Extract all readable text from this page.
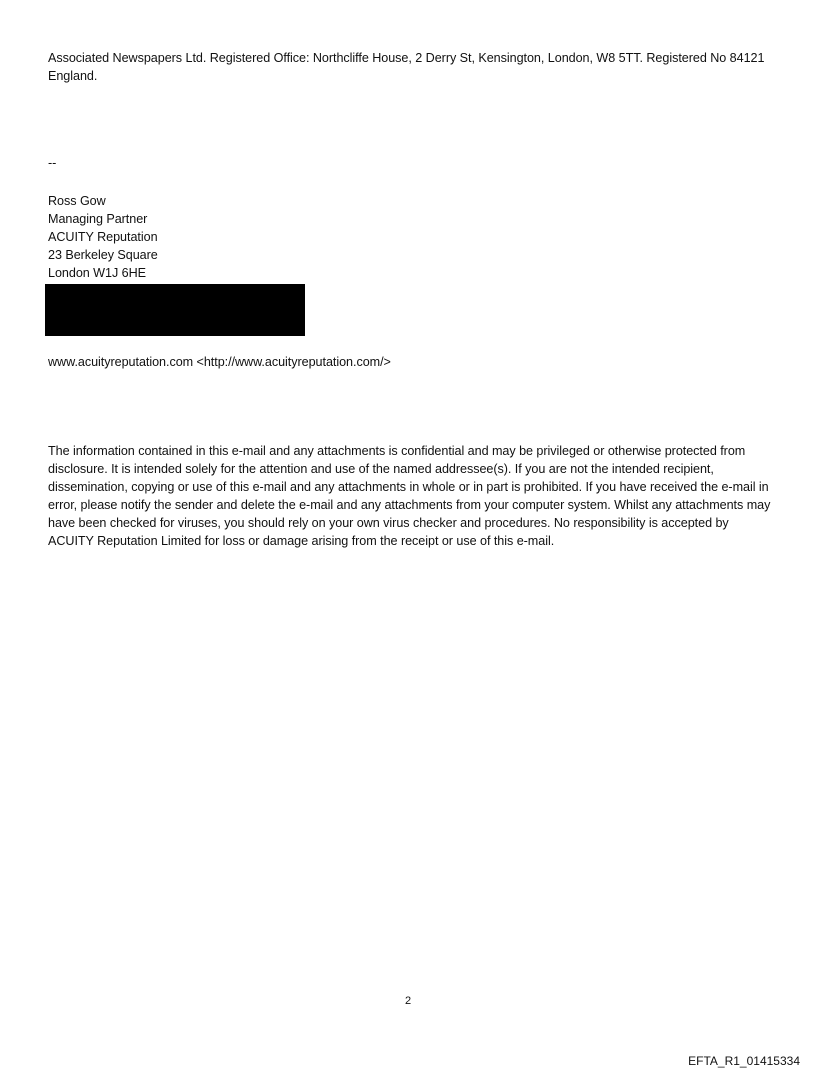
Associated Newspapers Ltd. Registered Office: Northcliffe House, 2 Derry St, Kensington, London, W8 5TT. Registered No 84121 England.
--
Ross Gow
Managing Partner
ACUITY Reputation
23 Berkeley Square
London W1J 6HE
www.acuityreputation.com <http://www.acuityreputation.com/>
The information contained in this e-mail and any attachments is confidential and may be privileged or otherwise protected from disclosure. It is intended solely for the attention and use of the named addressee(s). If you are not the intended recipient, dissemination, copying or use of this e-mail and any attachments in whole or in part is prohibited. If you have received the e-mail in error, please notify the sender and delete the e-mail and any attachments from your computer system. Whilst any attachments may have been checked for viruses, you should rely on your own virus checker and procedures. No responsibility is accepted by ACUITY Reputation Limited for loss or damage arising from the receipt or use of this e-mail.
2
EFTA_R1_01415334
